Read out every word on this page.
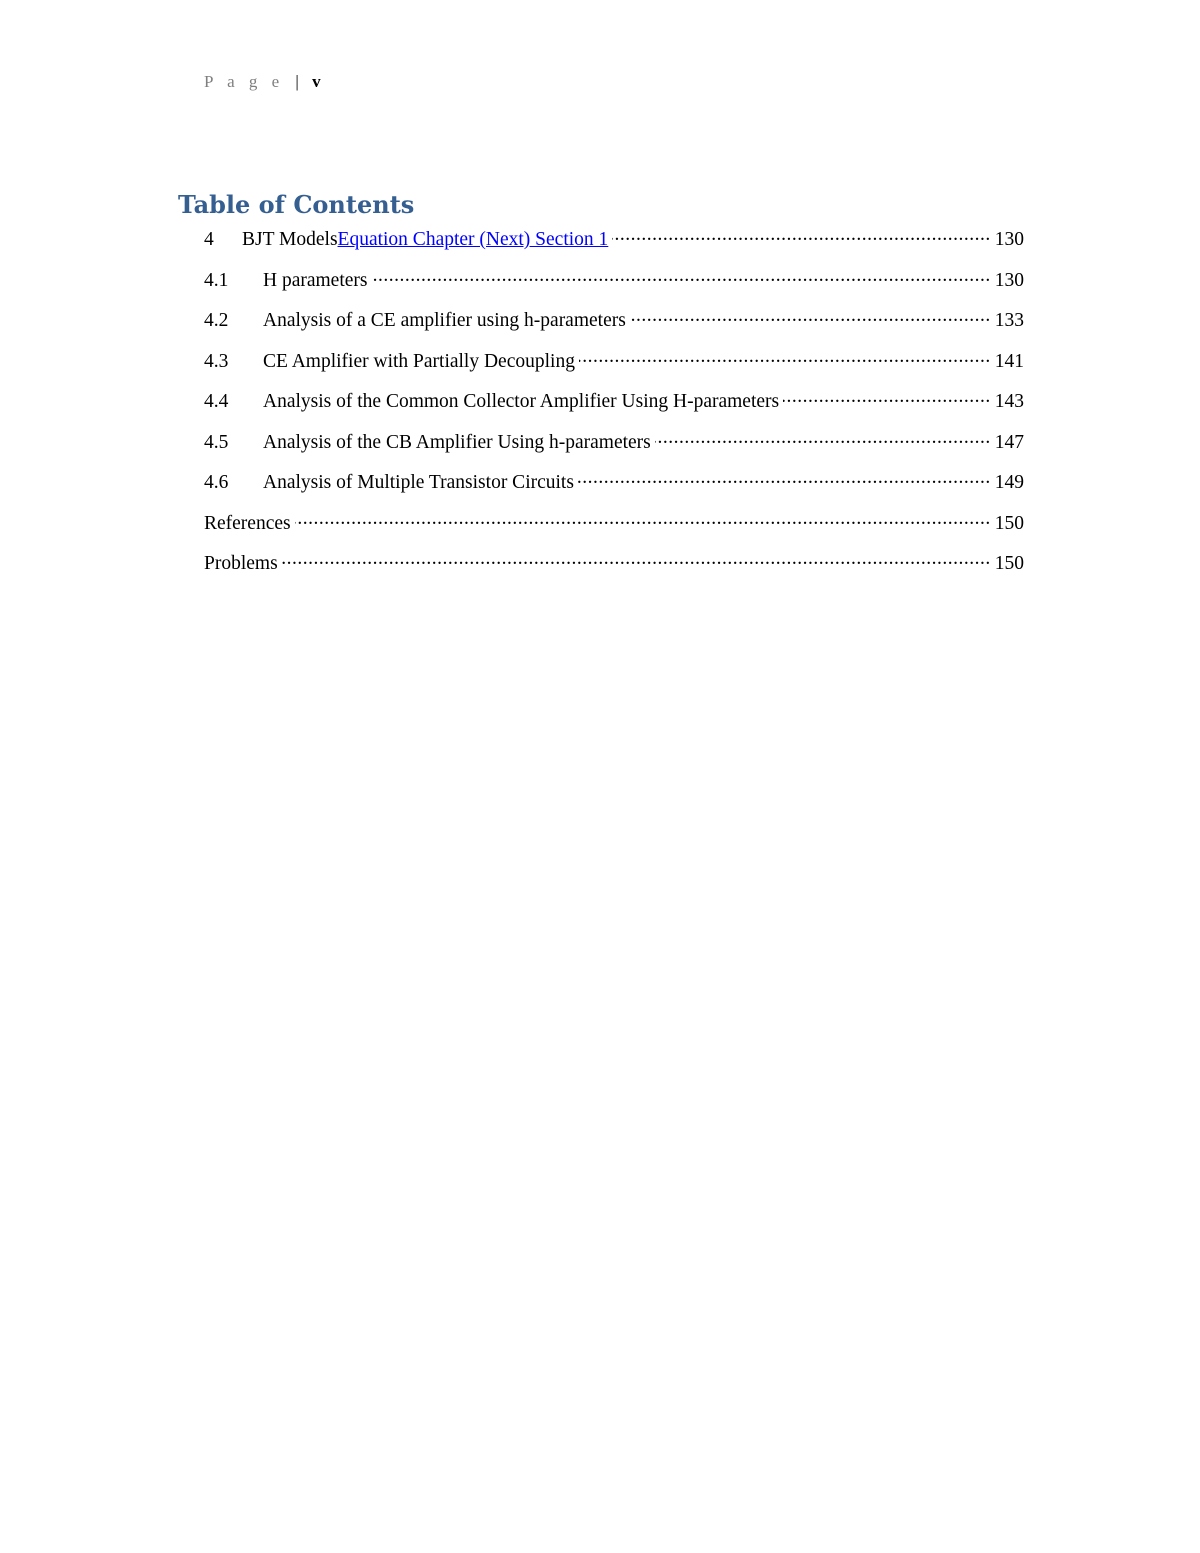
P a g e | v
Table of Contents
4	BJT Models Equation Chapter (Next) Section 1 .....	130
4.1	H parameters .....	130
4.2	Analysis of a CE amplifier using h-parameters .....	133
4.3	CE Amplifier with Partially Decoupling .....	141
4.4	Analysis of the Common Collector Amplifier Using H-parameters .....	143
4.5	Analysis of the CB Amplifier Using h-parameters .....	147
4.6	Analysis of Multiple Transistor Circuits .....	149
References .....	150
Problems .....	150
